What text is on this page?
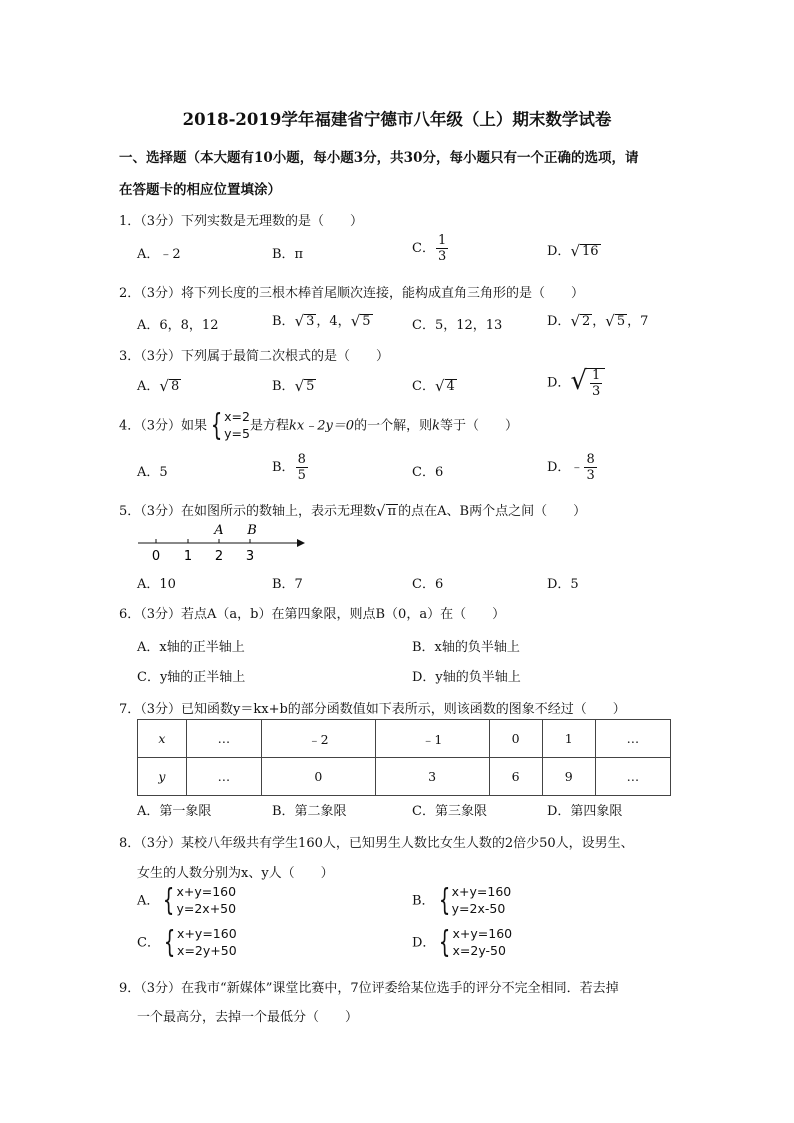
2018-2019学年福建省宁德市八年级（上）期末数学试卷
一、选择题（本大题有10小题，每小题3分，共30分，每小题只有一个正确的选项，请
在答题卡的相应位置填涂）
1．（3分）下列实数是无理数的是（　　）
A．﹣2	B．π	C． $\frac{1}{3}$	D． √ 16
2．（3分）将下列长度的三根木棒首尾顺次连接，能构成直角三角形的是（　　）
A．6，8，12	B． √ 3 ，4， √ 5	C．5，12，13	D． √ 2 ， √ 5 ，7
3．（3分）下列属于最简二次根式的是（　　）
A． √ 8	B． √ 5	C． √ 4	D． √ $\frac{1}{3}$
4．（3分）如果 { x=2
y=5 是方程kx﹣2y＝0的一个解，则k等于（　　）
A．5	B． $\frac{8}{5}$	C．6	D．﹣ $\frac{8}{3}$
5．（3分）在如图所示的数轴上，表示无理数 √ π 的点在A、B两个点之间（　　）
0 1 2 3
A B
A．10	B．7	C．6	D．5
6．（3分）若点A（a，b）在第四象限，则点B（0，a）在（　　）
A．x轴的正半轴上	B．x轴的负半轴上
C．y轴的正半轴上	D．y轴的负半轴上
7．（3分）已知函数y＝kx+b的部分函数值如下表所示，则该函数的图象不经过（　　）
x	…	﹣2	﹣1	0	1	…
y	…	0	3	6	9	…
A．第一象限	B．第二象限	C．第三象限	D．第四象限
8．（3分）某校八年级共有学生160人，已知男生人数比女生人数的2倍少50人，设男生、
女生的人数分别为x、y人（　　）
A． { x+y=160
y=2x+50	B． { x+y=160
y=2x-50
C． { x+y=160
x=2y+50	D． { x+y=160
x=2y-50
9．（3分）在我市“新媒体”课堂比赛中，7位评委给某位选手的评分不完全相同．若去掉
一个最高分，去掉一个最低分（　　）
